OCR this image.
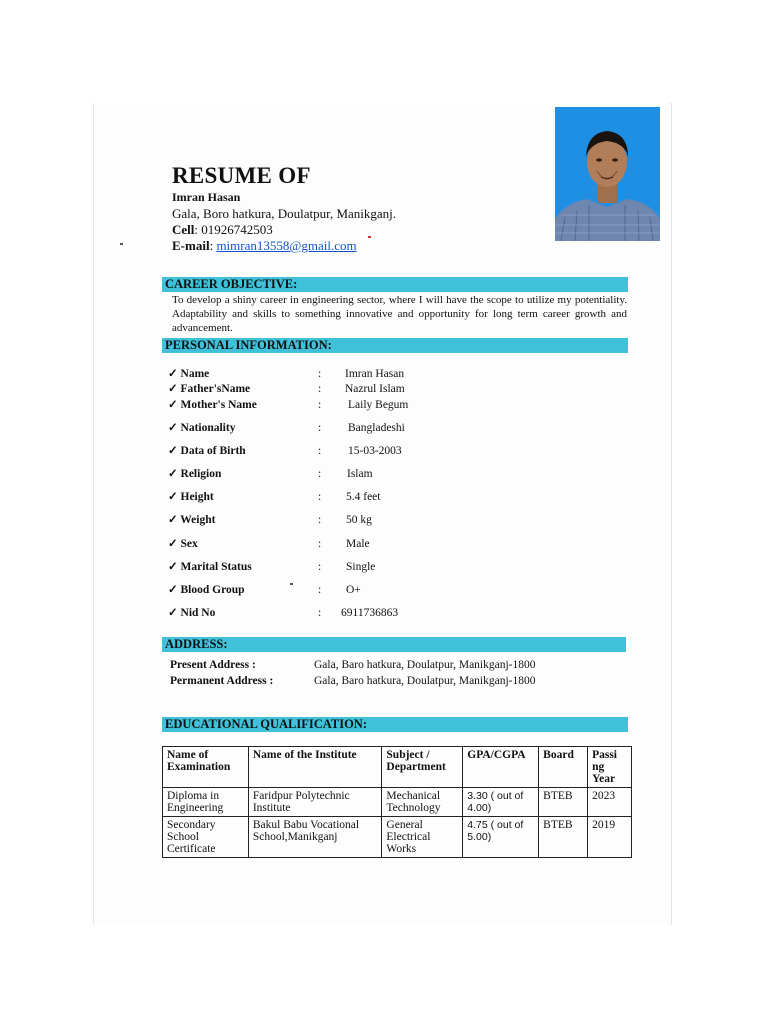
RESUME OF
Imran Hasan
Gala, Boro hatkura, Doulatpur, Manikganj.
Cell: 01926742503
E-mail: mimran13558@gmail.com
CAREER OBJECTIVE:
To develop a shiny career in engineering sector, where I will have the scope to utilize my potentiality. Adaptability and skills to something innovative and opportunity for long term career growth and advancement.
PERSONAL INFORMATION:
✓ Name	: Imran Hasan
✓ Father'sName	: Nazrul Islam
✓ Mother's Name	: Laily Begum
✓ Nationality	: Bangladeshi
✓ Data of Birth	: 15-03-2003
✓ Religion	: Islam
✓ Height	: 5.4 feet
✓ Weight	: 50 kg
✓ Sex	: Male
✓ Marital Status	: Single
✓ Blood Group	: O+
✓ Nid No	: 6911736863
ADDRESS:
Present Address :	Gala, Baro hatkura, Doulatpur, Manikganj-1800
Permanent Address :	Gala, Baro hatkura, Doulatpur, Manikganj-1800
EDUCATIONAL QUALIFICATION:
Name of Examination	Name of the Institute	Subject / Department	GPA/CGPA	Board	Passi ng Year
Diploma in Engineering	Faridpur Polytechnic Institute	Mechanical Technology	3.30 ( out of 4.00)	BTEB	2023
Secondary School Certificate	Bakul Babu Vocational School,Manikganj	General Electrical Works	4.75 ( out of 5.00)	BTEB	2019
